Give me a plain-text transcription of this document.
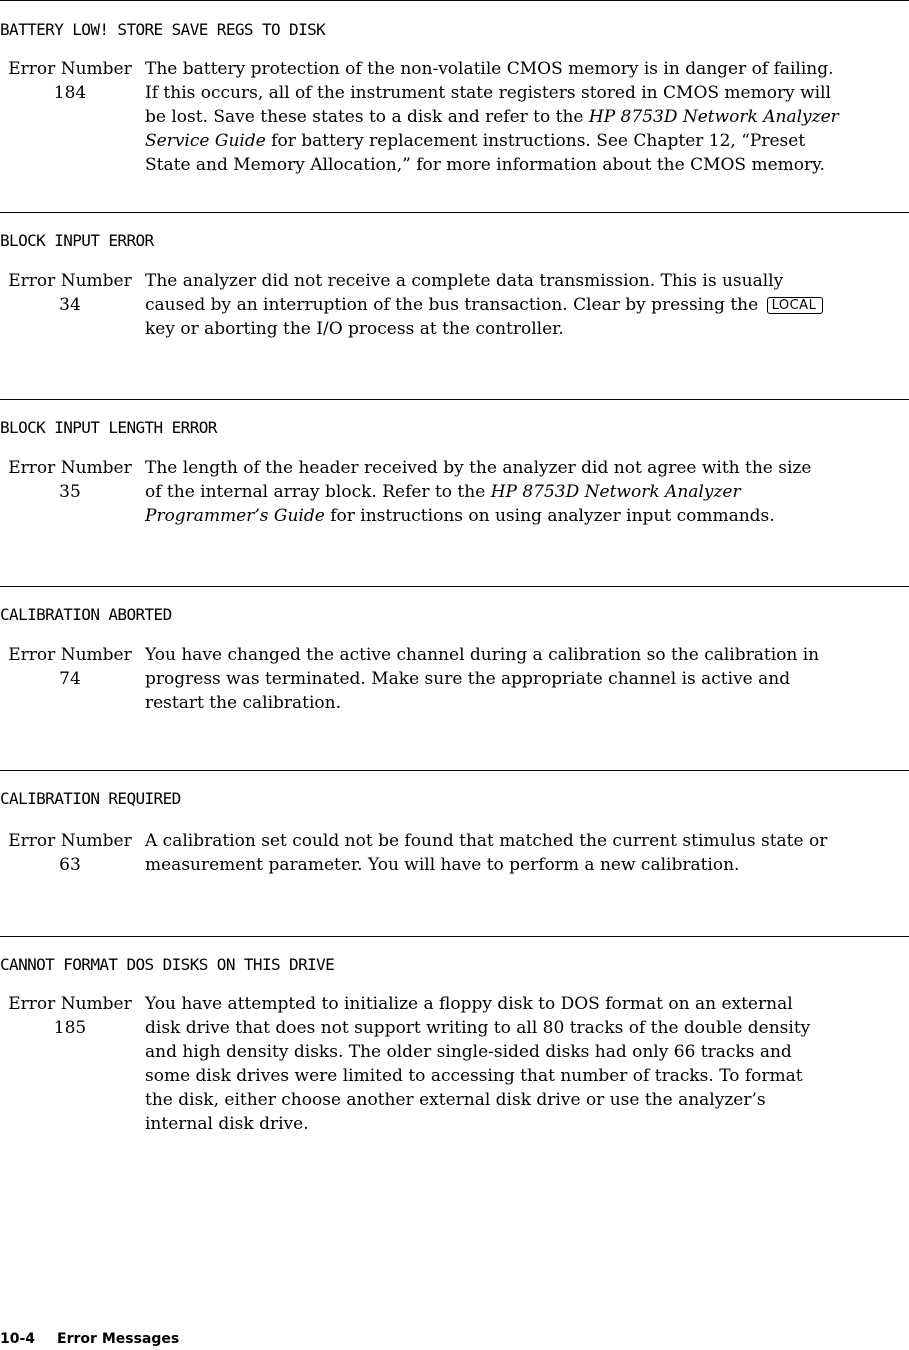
BATTERY LOW! STORE SAVE REGS TO DISK
Error Number
184

The battery protection of the non-volatile CMOS memory is in danger of failing.

If this occurs, all of the instrument state registers stored in CMOS memory will

be lost. Save these states to a disk and refer to the HP 8753D Network Analyzer

Service Guide for battery replacement instructions. See Chapter 12, “Preset

State and Memory Allocation,” for more information about the CMOS memory.

BLOCK INPUT ERROR
Error Number
34

The analyzer did not receive a complete data transmission. This is usually

caused by an interruption of the bus transaction. Clear by pressing the LOCAL

key or aborting the I/O process at the controller.

BLOCK INPUT LENGTH ERROR
Error Number
35

The length of the header received by the analyzer did not agree with the size

of the internal array block. Refer to the HP 8753D Network Analyzer

Programmer’s Guide for instructions on using analyzer input commands.

CALIBRATION ABORTED
Error Number
74

You have changed the active channel during a calibration so the calibration in

progress was terminated. Make sure the appropriate channel is active and

restart the calibration.

CALIBRATION REQUIRED
Error Number
63

A calibration set could not be found that matched the current stimulus state or

measurement parameter. You will have to perform a new calibration.

CANNOT FORMAT DOS DISKS ON THIS DRIVE
Error Number
185

You have attempted to initialize a floppy disk to DOS format on an external

disk drive that does not support writing to all 80 tracks of the double density

and high density disks. The older single-sided disks had only 66 tracks and

some disk drives were limited to accessing that number of tracks. To format

the disk, either choose another external disk drive or use the analyzer’s

internal disk drive.

10-4 Error Messages
